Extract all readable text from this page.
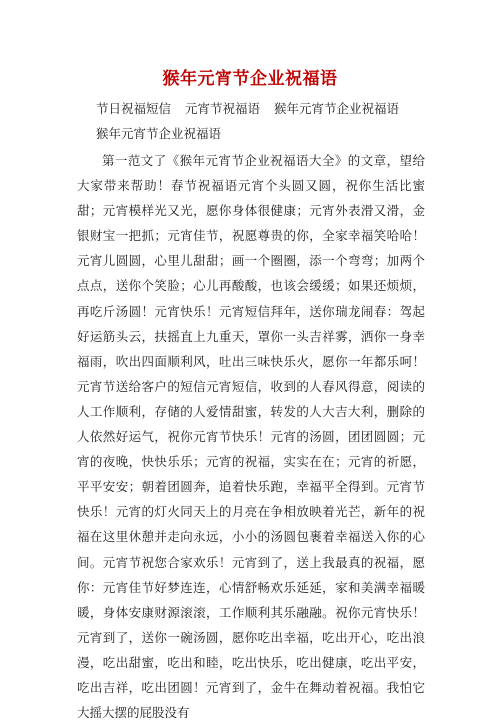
猴年元宵节企业祝福语
节日祝福短信 元宵节祝福语 猴年元宵节企业祝福语
猴年元宵节企业祝福语

第一范文了《猴年元宵节企业祝福语大全》的文章，望给大家带来帮助！春节祝福语元宵个头圆又圆，祝你生活比蜜甜；元宵模样光又光，愿你身体很健康；元宵外表滑又滑，金银财宝一把抓；元宵佳节，祝愿尊贵的你，全家幸福笑哈哈！元宵儿圆圆，心里儿甜甜；画一个圈圈，添一个弯弯；加两个点点，送你个笑脸；心儿再酸酸，也该会缓缓；如果还烦烦，再吃斤汤圆！元宵快乐！元宵短信拜年，送你瑞龙闹春：驾起好运筋头云，扶摇直上九重天，罩你一头吉祥雾，洒你一身幸福雨，吹出四面顺利风，吐出三味快乐火，愿你一年都乐呵！元宵节送给客户的短信元宵短信，收到的人春风得意，阅读的人工作顺利，存储的人爱情甜蜜，转发的人大吉大利，删除的人依然好运气，祝你元宵节快乐！元宵的汤圆，团团圆圆；元宵的夜晚，快快乐乐；元宵的祝福，实实在在；元宵的祈愿，平平安安；朝着团圆奔，追着快乐跑，幸福平全得到。元宵节快乐！元宵的灯火同天上的月亮在争相放映着光芒，新年的祝福在这里休憩并走向永远，小小的汤圆包裹着幸福送入你的心间。元宵节祝您合家欢乐！元宵到了，送上我最真的祝福，愿你：元宵佳节好梦连连，心情舒畅欢乐延延，家和美满幸福暖暖，身体安康财源滚滚，工作顺利其乐融融。祝你元宵快乐！元宵到了，送你一碗汤圆，愿你吃出幸福，吃出开心，吃出浪漫，吃出甜蜜，吃出和睦，吃出快乐，吃出健康，吃出平安，吃出吉祥，吃出团圆！元宵到了，金牛在舞动着祝福。我怕它大摇大摆的屁股没有
